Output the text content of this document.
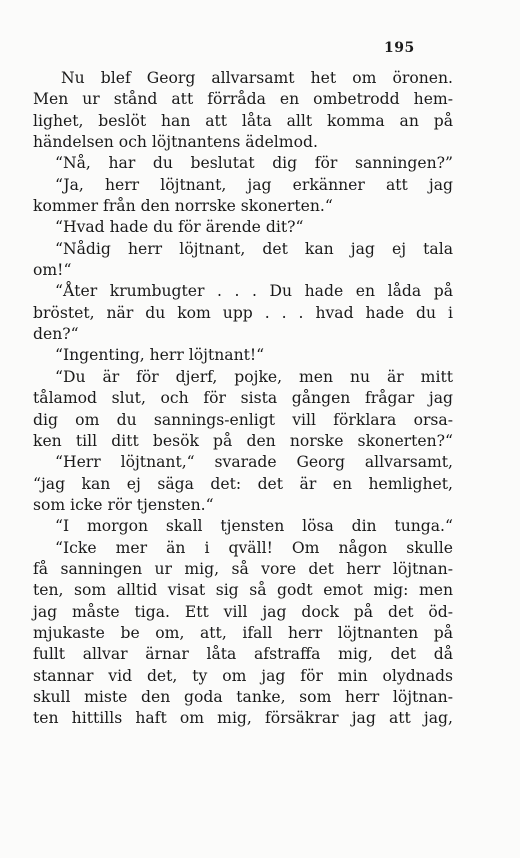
195
Nu blef Georg allvarsamt het om öronen.
Men ur stånd att förråda en ombetrodd hem-
lighet, beslöt han att låta allt komma an på
händelsen och löjtnantens ädelmod.
“Nå, har du beslutat dig för sanningen?”
“Ja, herr löjtnant, jag erkänner att jag
kommer från den norrske skonerten.“
“Hvad hade du för ärende dit?“
“Nådig herr löjtnant, det kan jag ej tala
om!“
“Åter krumbugter . . . Du hade en låda på
bröstet, när du kom upp . . . hvad hade du i
den?“
“Ingenting, herr löjtnant!“
“Du är för djerf, pojke, men nu är mitt
tålamod slut, och för sista gången frågar jag
dig om du sannings-enligt vill förklara orsa-
ken till ditt besök på den norske skonerten?“
“Herr löjtnant,“ svarade Georg allvarsamt,
“jag kan ej säga det: det är en hemlighet,
som icke rör tjensten.“
“I morgon skall tjensten lösa din tunga.“
“Icke mer än i qväll! Om någon skulle
få sanningen ur mig, så vore det herr löjtnan-
ten, som alltid visat sig så godt emot mig: men
jag måste tiga. Ett vill jag dock på det öd-
mjukaste be om, att, ifall herr löjtnanten på
fullt allvar ärnar låta afstraffa mig, det då
stannar vid det, ty om jag för min olydnads
skull miste den goda tanke, som herr löjtnan-
ten hittills haft om mig, försäkrar jag att jag,
